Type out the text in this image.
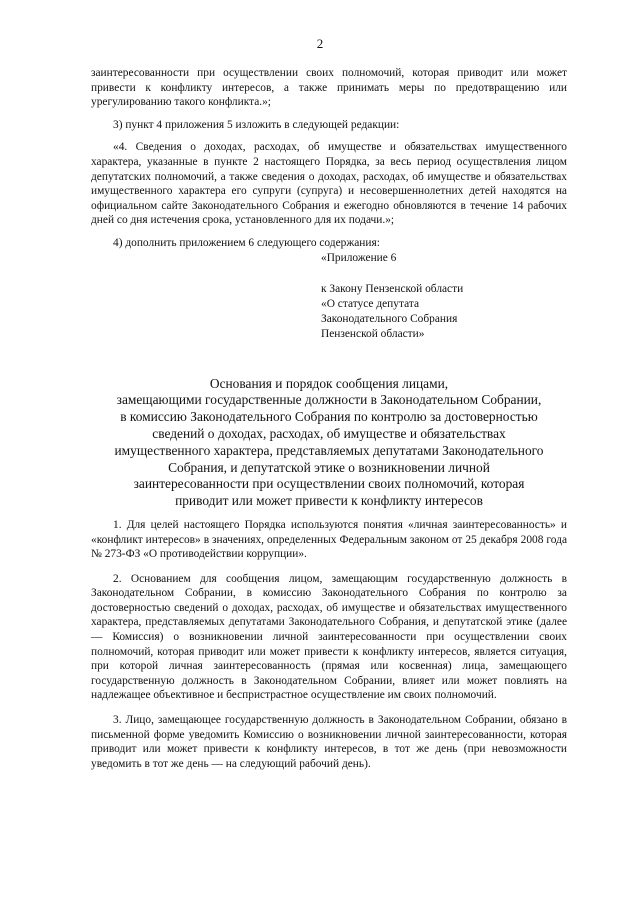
2

заинтересованности при осуществлении своих полномочий, которая приводит или может привести к конфликту интересов, а также принимать меры по предотвращению или урегулированию такого конфликта.»;

3) пункт 4 приложения 5 изложить в следующей редакции:

«4. Сведения о доходах, расходах, об имуществе и обязательствах имущественного характера, указанные в пункте 2 настоящего Порядка, за весь период осуществления лицом депутатских полномочий, а также сведения о доходах, расходах, об имуществе и обязательствах имущественного характера его супруги (супруга) и несовершеннолетних детей находятся на официальном сайте Законодательного Собрания и ежегодно обновляются в течение 14 рабочих дней со дня истечения срока, установленного для их подачи.»;

4) дополнить приложением 6 следующего содержания:

«Приложение 6
к Закону Пензенской области
«О статусе депутата
Законодательного Собрания
Пензенской области»
Основания и порядок сообщения лицами,
замещающими государственные должности в Законодательном Собрании,
в комиссию Законодательного Собрания по контролю за достоверностью
сведений о доходах, расходах, об имуществе и обязательствах
имущественного характера, представляемых депутатами Законодательного
Собрания, и депутатской этике о возникновении личной
заинтересованности при осуществлении своих полномочий, которая
приводит или может привести к конфликту интересов

1. Для целей настоящего Порядка используются понятия «личная заинтересованность» и «конфликт интересов» в значениях, определенных Федеральным законом от 25 декабря 2008 года № 273-ФЗ «О противодействии коррупции».

2. Основанием для сообщения лицом, замещающим государственную должность в Законодательном Собрании, в комиссию Законодательного Собрания по контролю за достоверностью сведений о доходах, расходах, об имуществе и обязательствах имущественного характера, представляемых депутатами Законодательного Собрания, и депутатской этике (далее — Комиссия) о возникновении личной заинтересованности при осуществлении своих полномочий, которая приводит или может привести к конфликту интересов, является ситуация, при которой личная заинтересованность (прямая или косвенная) лица, замещающего государственную должность в Законодательном Собрании, влияет или может повлиять на надлежащее объективное и беспристрастное осуществление им своих полномочий.

3. Лицо, замещающее государственную должность в Законодательном Собрании, обязано в письменной форме уведомить Комиссию о возникновении личной заинтересованности, которая приводит или может привести к конфликту интересов, в тот же день (при невозможности уведомить в тот же день — на следующий рабочий день).
